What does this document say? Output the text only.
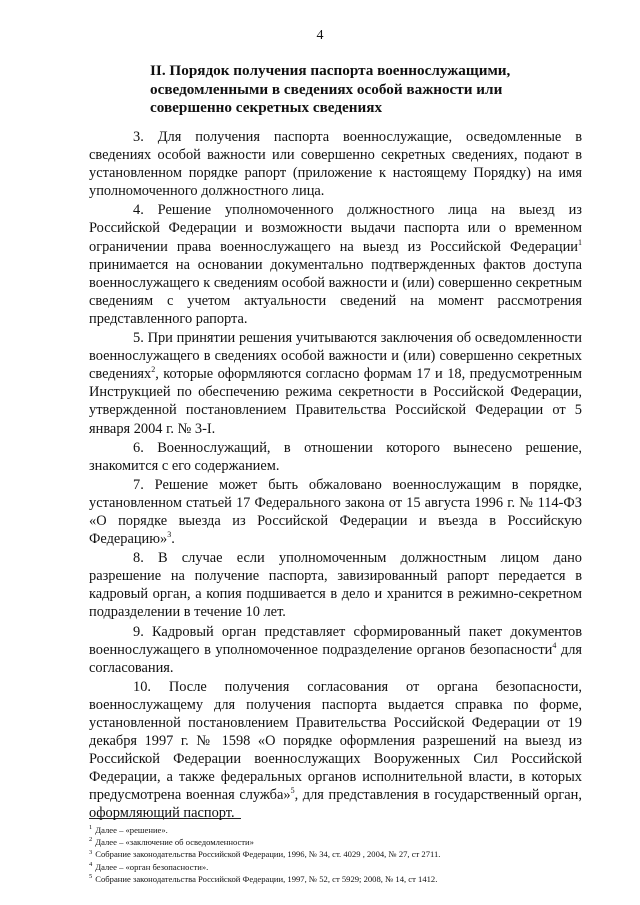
4
II. Порядок получения паспорта военнослужащими,
осведомленными в сведениях особой важности или
совершенно секретных сведениях

3. Для получения паспорта военнослужащие, осведомленные в сведениях особой важности или совершенно секретных сведениях, подают в установленном порядке рапорт (приложение к настоящему Порядку) на имя уполномоченного должностного лица.

4. Решение уполномоченного должностного лица на выезд из Российской Федерации и возможности выдачи паспорта или о временном ограничении права военнослужащего на выезд из Российской Федерации$^1$ принимается на основании документально подтвержденных фактов доступа военнослужащего к сведениям особой важности и (или) совершенно секретным сведениям с учетом актуальности сведений на момент рассмотрения представленного рапорта.

5. При принятии решения учитываются заключения об осведомленности военнослужащего в сведениях особой важности и (или) совершенно секретных сведениях$^2$, которые оформляются согласно формам 17 и 18, предусмотренным Инструкцией по обеспечению режима секретности в Российской Федерации, утвержденной постановлением Правительства Российской Федерации от 5 января 2004 г. № 3-I.

6. Военнослужащий, в отношении которого вынесено решение, знакомится с его содержанием.

7. Решение может быть обжаловано военнослужащим в порядке, установленном статьей 17 Федерального закона от 15 августа 1996 г. № 114-ФЗ «О порядке выезда из Российской Федерации и въезда в Российскую Федерацию»$^3$.

8. В случае если уполномоченным должностным лицом дано разрешение на получение паспорта, завизированный рапорт передается в кадровый орган, а копия подшивается в дело и хранится в режимно-секретном подразделении в течение 10 лет.

9. Кадровый орган представляет сформированный пакет документов военнослужащего в уполномоченное подразделение органов безопасности$^4$ для согласования.

10. После получения согласования от органа безопасности, военнослужащему для получения паспорта выдается справка по форме, установленной постановлением Правительства Российской Федерации от 19 декабря 1997 г. № 1598 «О порядке оформления разрешений на выезд из Российской Федерации военнослужащих Вооруженных Сил Российской Федерации, а также федеральных органов исполнительной власти, в которых предусмотрена военная служба»$^5$, для представления в государственный орган, оформляющий паспорт.

$^1$ Далее – «решение».
$^2$ Далее – «заключение об осведомленности»
$^3$ Собрание законодательства Российской Федерации, 1996, № 34, ст. 4029 , 2004, № 27, ст 2711.
$^4$ Далее – «орган безопасности».
$^5$ Собрание законодательства Российской Федерации, 1997, № 52, ст 5929; 2008, № 14, ст 1412.
